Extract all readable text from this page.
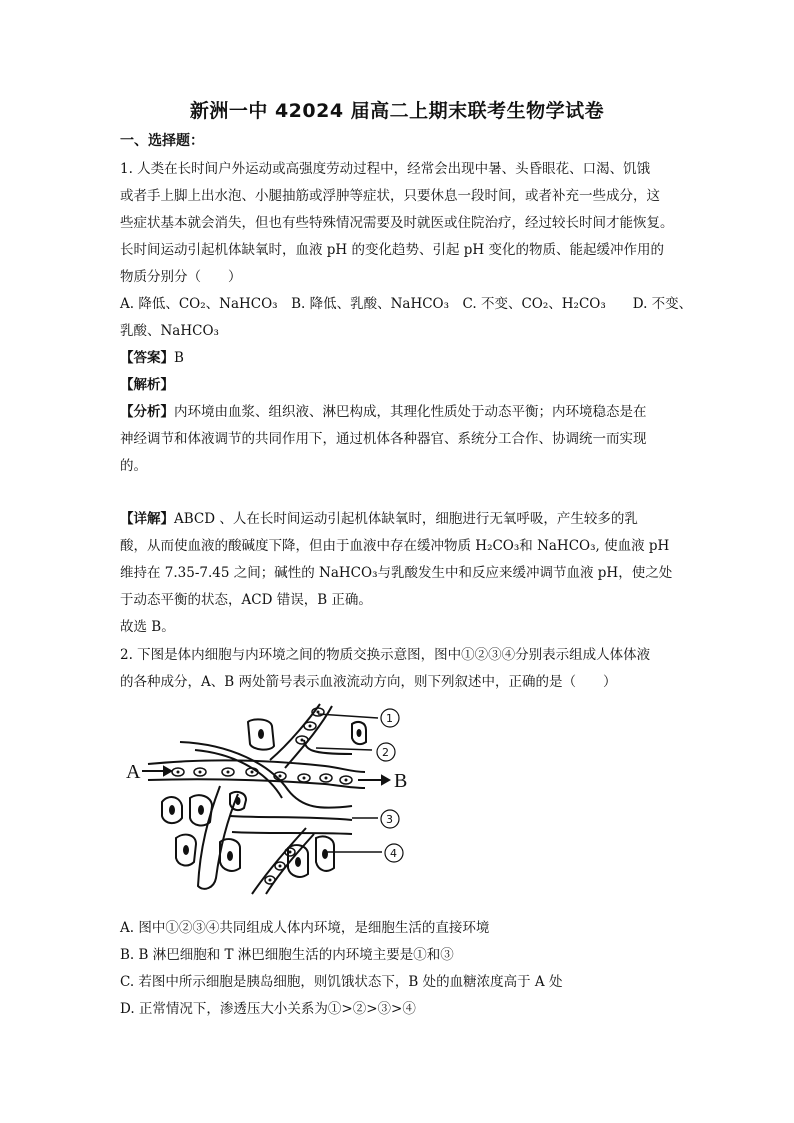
新洲一中 42024 届高二上期末联考生物学试卷
一、选择题：
1. 人类在长时间户外运动或高强度劳动过程中，经常会出现中暑、头昏眼花、口渴、饥饿
或者手上脚上出水泡、小腿抽筋或浮肿等症状，只要休息一段时间，或者补充一些成分，这
些症状基本就会消失，但也有些特殊情况需要及时就医或住院治疗，经过较长时间才能恢复。
长时间运动引起机体缺氧时，血液 pH 的变化趋势、引起 pH 变化的物质、能起缓冲作用的
物质分别分（　　）
A. 降低、CO₂、NaHCO₃　B. 降低、乳酸、NaHCO₃　C. 不变、CO₂、H₂CO₃　　D. 不变、
乳酸、NaHCO₃
【答案】B
【解析】
【分析】内环境由血浆、组织液、淋巴构成，其理化性质处于动态平衡；内环境稳态是在
神经调节和体液调节的共同作用下，通过机体各种器官、系统分工合作、协调统一而实现
的。
【详解】ABCD 、人在长时间运动引起机体缺氧时，细胞进行无氧呼吸，产生较多的乳
酸，从而使血液的酸碱度下降，但由于血液中存在缓冲物质 H₂CO₃和 NaHCO₃, 使血液 pH
维持在 7.35-7.45 之间；碱性的 NaHCO₃与乳酸发生中和反应来缓冲调节血液 pH，使之处
于动态平衡的状态，ACD 错误，B 正确。
故选 B。
2. 下图是体内细胞与内环境之间的物质交换示意图，图中①②③④分别表示组成人体体液
的各种成分，A、B 两处箭号表示血液流动方向，则下列叙述中，正确的是（　　）
A	B
1
2
3
4
A. 图中①②③④共同组成人体内环境，是细胞生活的直接环境
B. B 淋巴细胞和 T 淋巴细胞生活的内环境主要是①和③
C. 若图中所示细胞是胰岛细胞，则饥饿状态下，B 处的血糖浓度高于 A 处
D. 正常情况下，渗透压大小关系为①>②>③>④
